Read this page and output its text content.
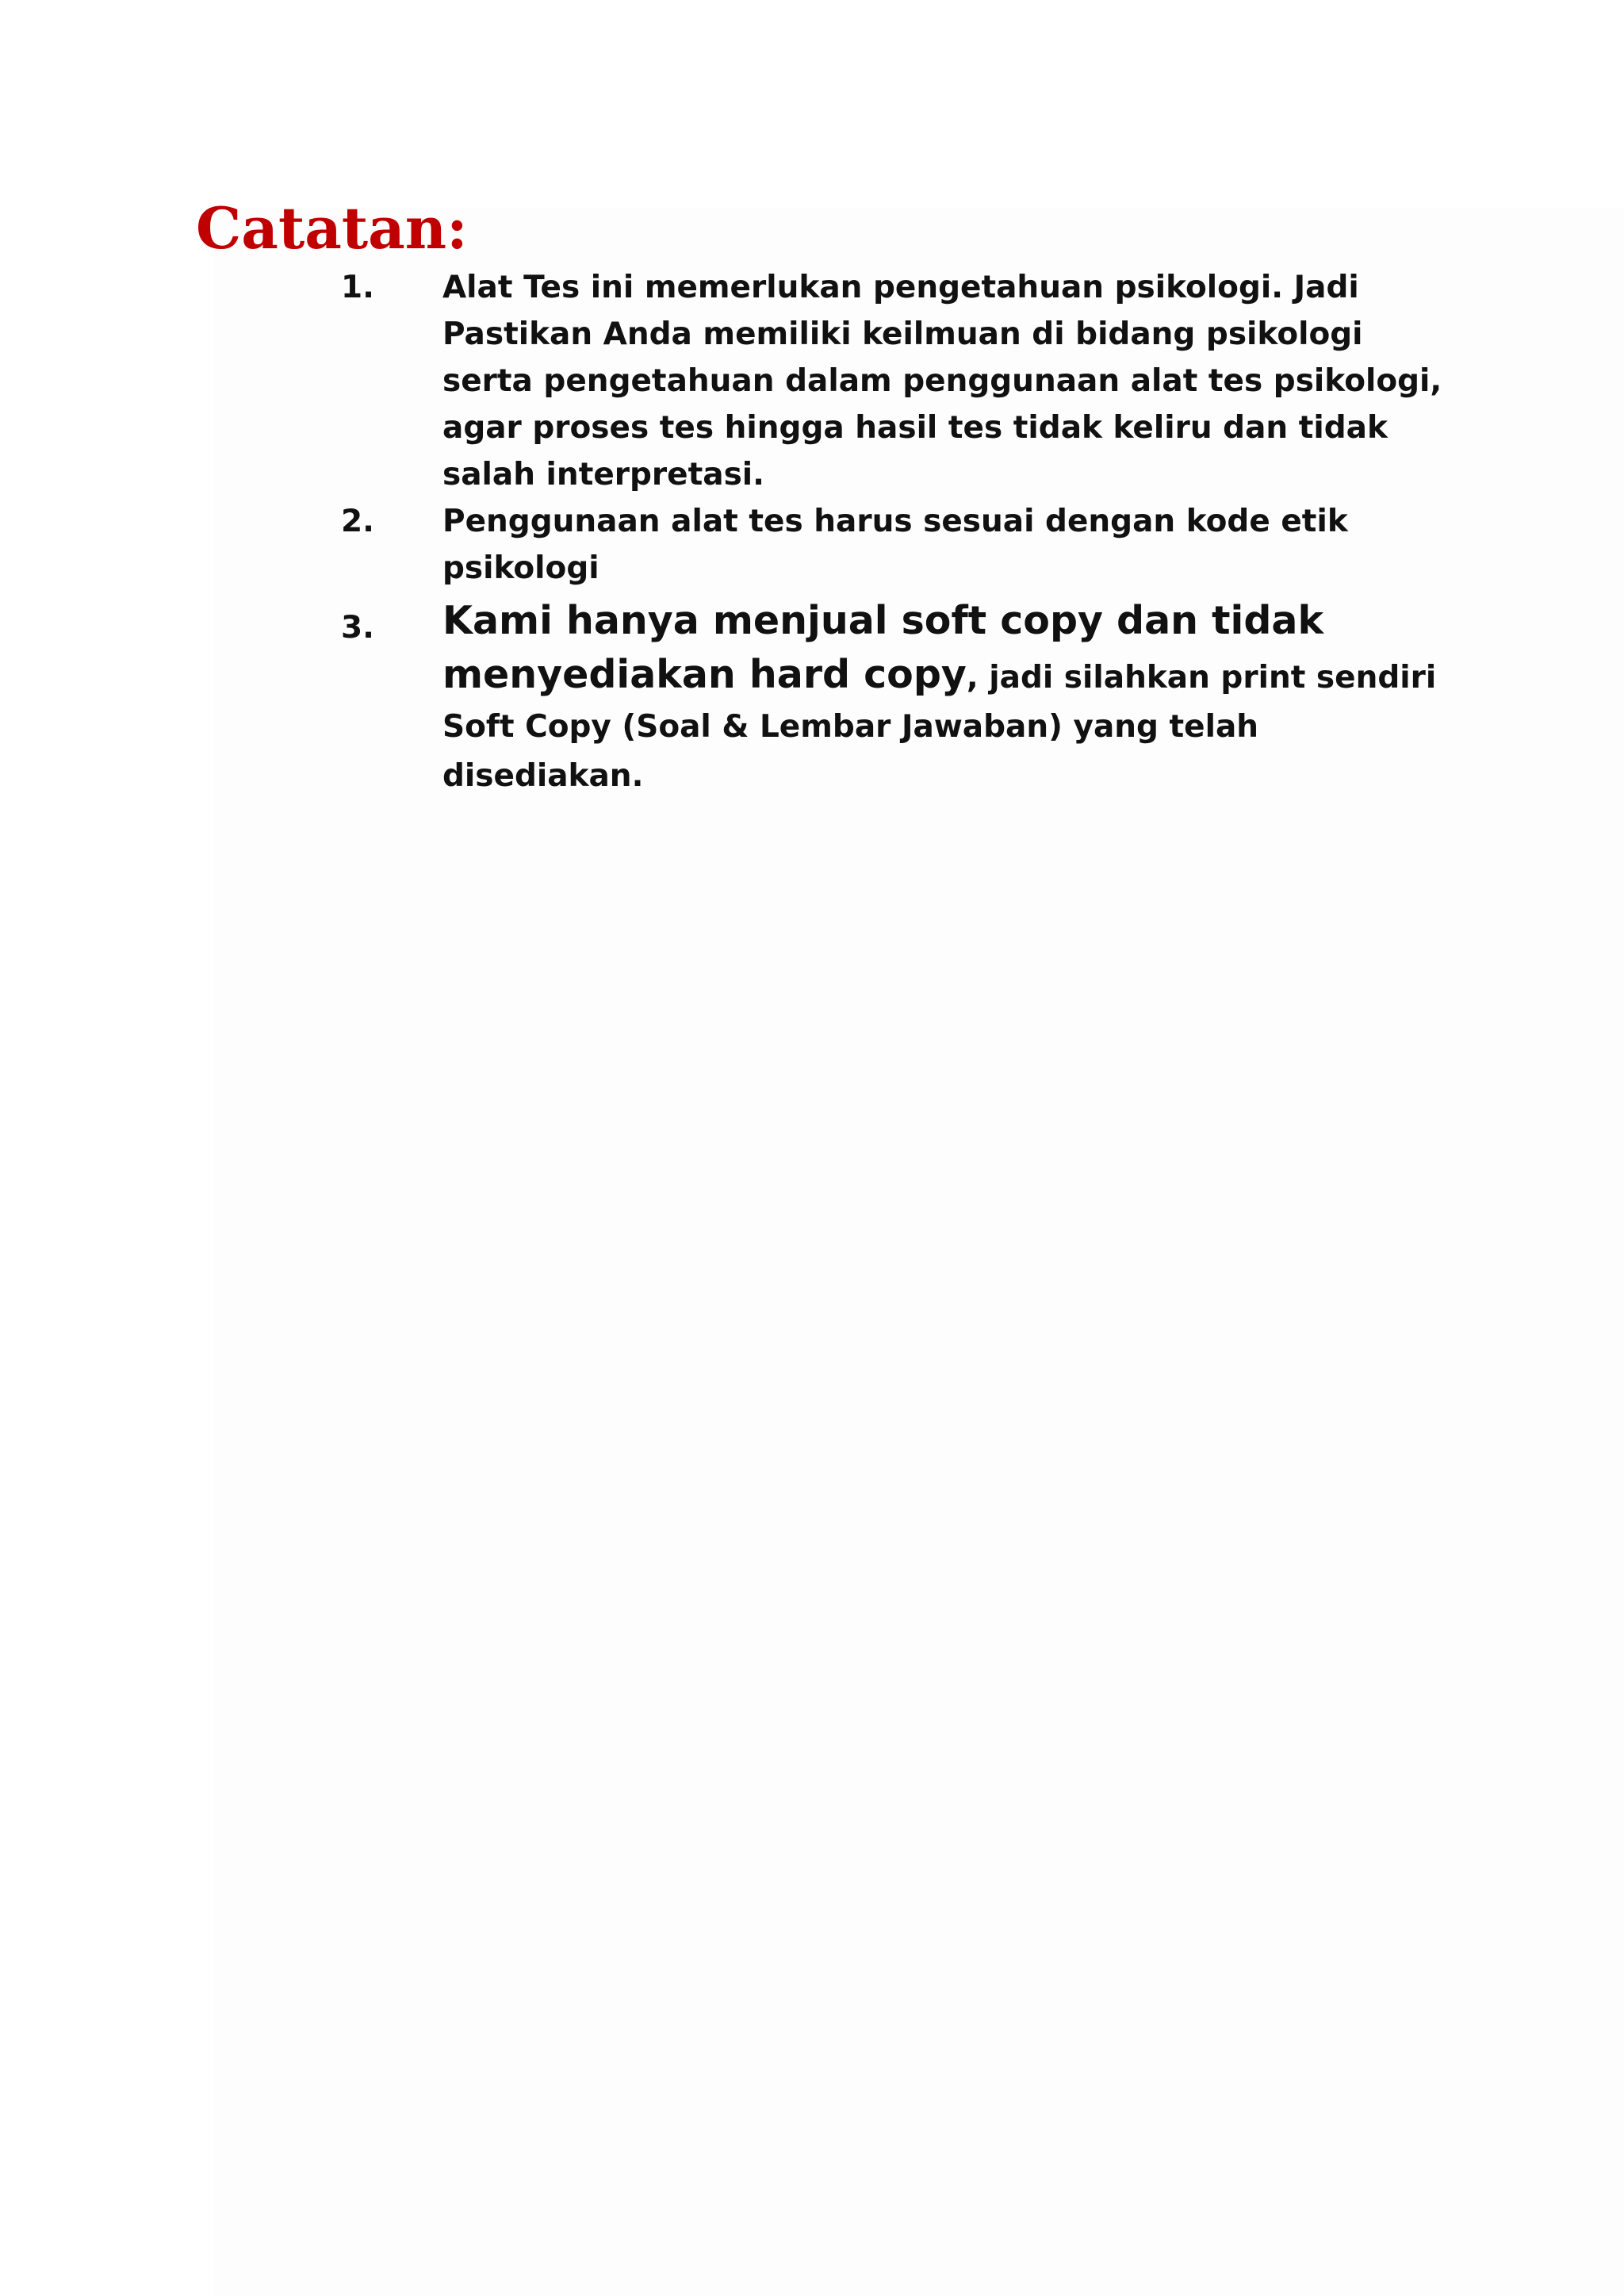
Catatan:
1. Alat Tes ini memerlukan pengetahuan psikologi. Jadi Pastikan Anda memiliki keilmuan di bidang psikologi serta pengetahuan dalam penggunaan alat tes psikologi, agar proses tes hingga hasil tes tidak keliru dan tidak salah interpretasi.
2. Penggunaan alat tes harus sesuai dengan kode etik psikologi
3. Kami hanya menjual soft copy dan tidak menyediakan hard copy, jadi silahkan print sendiri Soft Copy (Soal & Lembar Jawaban) yang telah disediakan.
